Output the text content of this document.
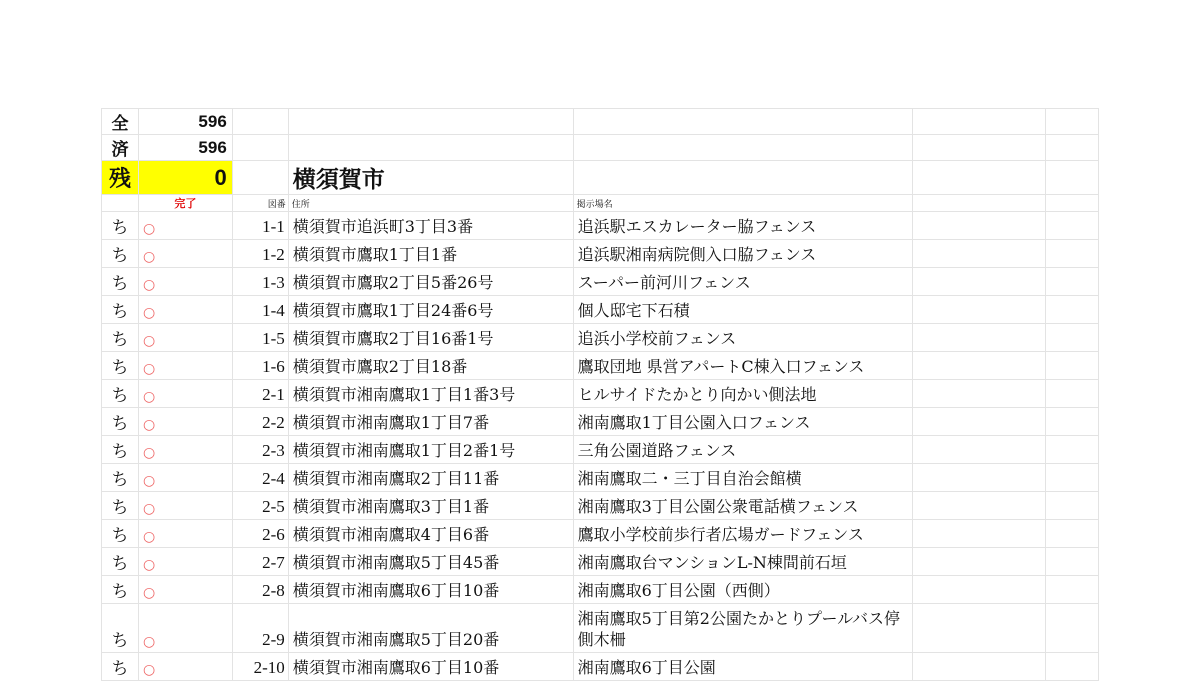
全	596					
済	596					
残	0		横須賀市			
	完了	図番	住所	掲示場名		
ち	○	1-1	横須賀市追浜町3丁目3番	追浜駅エスカレーター脇フェンス		
ち	○	1-2	横須賀市鷹取1丁目1番	追浜駅湘南病院側入口脇フェンス		
ち	○	1-3	横須賀市鷹取2丁目5番26号	スーパー前河川フェンス		
ち	○	1-4	横須賀市鷹取1丁目24番6号	個人邸宅下石積		
ち	○	1-5	横須賀市鷹取2丁目16番1号	追浜小学校前フェンス		
ち	○	1-6	横須賀市鷹取2丁目18番	鷹取団地 県営アパートC棟入口フェンス		
ち	○	2-1	横須賀市湘南鷹取1丁目1番3号	ヒルサイドたかとり向かい側法地		
ち	○	2-2	横須賀市湘南鷹取1丁目7番	湘南鷹取1丁目公園入口フェンス		
ち	○	2-3	横須賀市湘南鷹取1丁目2番1号	三角公園道路フェンス		
ち	○	2-4	横須賀市湘南鷹取2丁目11番	湘南鷹取二・三丁目自治会館横		
ち	○	2-5	横須賀市湘南鷹取3丁目1番	湘南鷹取3丁目公園公衆電話横フェンス		
ち	○	2-6	横須賀市湘南鷹取4丁目6番	鷹取小学校前歩行者広場ガードフェンス		
ち	○	2-7	横須賀市湘南鷹取5丁目45番	湘南鷹取台マンションL-N棟間前石垣		
ち	○	2-8	横須賀市湘南鷹取6丁目10番	湘南鷹取6丁目公園（西側）		
ち	○	2-9	横須賀市湘南鷹取5丁目20番	湘南鷹取5丁目第2公園たかとりプールバス停側木柵		
ち	○	2-10	横須賀市湘南鷹取6丁目10番	湘南鷹取6丁目公園		
